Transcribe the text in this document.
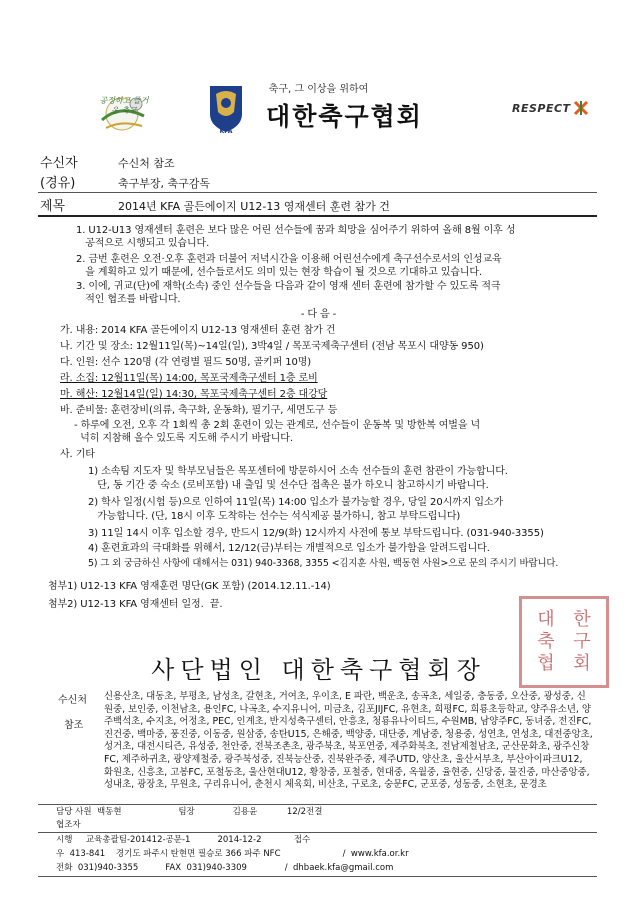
공정하고 즐거운 축구
KFA
축구, 그 이상을 위하여
대한축구협회	RESPECT
수신자	수신처 참조
(경유)	축구부장, 축구감독
제목	2014년 KFA 골든에이지 U12-13 영재센터 훈련 참가 건
1. U12-U13 영재센터 훈련은 보다 많은 어린 선수들에 꿈과 희망을 심어주기 위하여 올해 8월 이후 성
공적으로 시행되고 있습니다.
2. 금번 훈련은 오전·오후 훈련과 더불어 저녁시간을 이용해 어린선수에게 축구선수로서의 인성교육
을 계획하고 있기 때문에, 선수들로서도 의미 있는 현장 학습이 될 것으로 기대하고 있습니다.
3. 이에, 귀교(단)에 재학(소속) 중인 선수들을 다음과 같이 영재 센터 훈련에 참가할 수 있도록 적극
적인 협조를 바랍니다.
- 다 음 -
가. 내용: 2014 KFA 골든에이지 U12-13 영재센터 훈련 참가 건
나. 기간 및 장소: 12월11일(목)~14일(일), 3박4일 / 목포국제축구센터 (전남 목포시 대양동 950)
다. 인원: 선수 120명 (각 연령별 필드 50명, 골키퍼 10명)
라. 소집: 12월11일(목) 14:00, 목포국제축구센터 1층 로비
마. 해산: 12월14일(일) 14:30, 목포국제축구센터 2층 대강당
바. 준비물: 훈련장비(의류, 축구화, 운동화), 필기구, 세면도구 등
- 하루에 오전, 오후 각 1회씩 총 2회 훈련이 있는 관계로, 선수들이 운동복 및 방한복 여벌을 넉
넉히 지참해 올수 있도록 지도해 주시기 바랍니다.
사. 기타
1) 소속팀 지도자 및 학부모님들은 목포센터에 방문하시어 소속 선수들의 훈련 참관이 가능합니다.
단, 동 기간 중 숙소 (로비포함) 내 출입 및 선수단 접촉은 불가 하오니 참고하시기 바랍니다.
2) 학사 일정(시험 등)으로 인하여 11일(목) 14:00 입소가 불가능할 경우, 당일 20시까지 입소가
가능합니다. (단, 18시 이후 도착하는 선수는 석식제공 불가하니, 참고 부탁드립니다)
3) 11일 14시 이후 입소할 경우, 반드시 12/9(화) 12시까지 사전에 통보 부탁드립니다. (031-940-3355)
4) 훈련효과의 극대화를 위해서, 12/12(금)부터는 개별적으로 입소가 불가함을 알려드립니다.
5) 그 외 궁금하신 사항에 대해서는 031) 940-3368, 3355 <김지훈 사원, 백동현 사원>으로 문의 주시기 바랍니다.
첨부1) U12-13 KFA 영재훈련 명단(GK 포함) (2014.12.11.-14)
첨부2) U12-13 KFA 영재센터 일정.  끝.
대	한
축	구
협	회
사단법인 대한축구협회장
수신처
참조
신용산초, 대동초, 부평초, 남성초, 갈현초, 거여초, 우이초, E 파란, 백운초, 송곡초, 세일중, 충동중, 오산중, 광성중, 신원중, 보인중, 이천남초, 용인FC, 나곡초, 수지유니어, 미금초, 김포JIJFC, 유현초, 희평FC, 희룡초등학교, 양주유소년, 양주백석초, 수지초, 어정초, PEC, 인계초, 반지성축구센터, 안흥초, 청룡유나이티드, 수원MB, 남양주FC, 동녀중, 전진FC, 진건중, 백마중, 풍진중, 이동중, 원삼중, 송탄U15, 은해중, 백양중, 대단중, 계남중, 청용중, 성연초, 연성초, 대전중앙초, 성거초, 대전시티즌, 유성중, 천안중, 전북조촌초, 광주북초, 북포연중, 제주화북초, 전남제철남초, 군산문화초, 광주신창FC, 제주하귀초, 광양제철중, 광주북성중, 진북능산중, 진북완주중, 제주UTD, 양산초, 울산서부초, 부산아이파크U12, 화원초, 신흥초, 고봉FC, 포철동초, 울산현대U12, 황창중, 포철중, 현대중, 옥월중, 율현중, 신당중, 물진중, 마산중앙중, 성내초, 광장초, 무원초, 구리유니어, 춘천시 체육회, 비산초, 구로초, 숭문FC, 군포중, 성동중, 소현초, 문경초
담당 사원  백동현                     팀장              김용윤           12/2전결
협조자
시행     교육총괄팀-201412-공문-1          2014-12-2            접수
우  413-841    경기도 파주시 탄현면 필승로 366 파주 NFC                       /  www.kfa.or.kr
전화  031)940-3355          FAX  031)940-3309              /  dhbaek.kfa@gmail.com
